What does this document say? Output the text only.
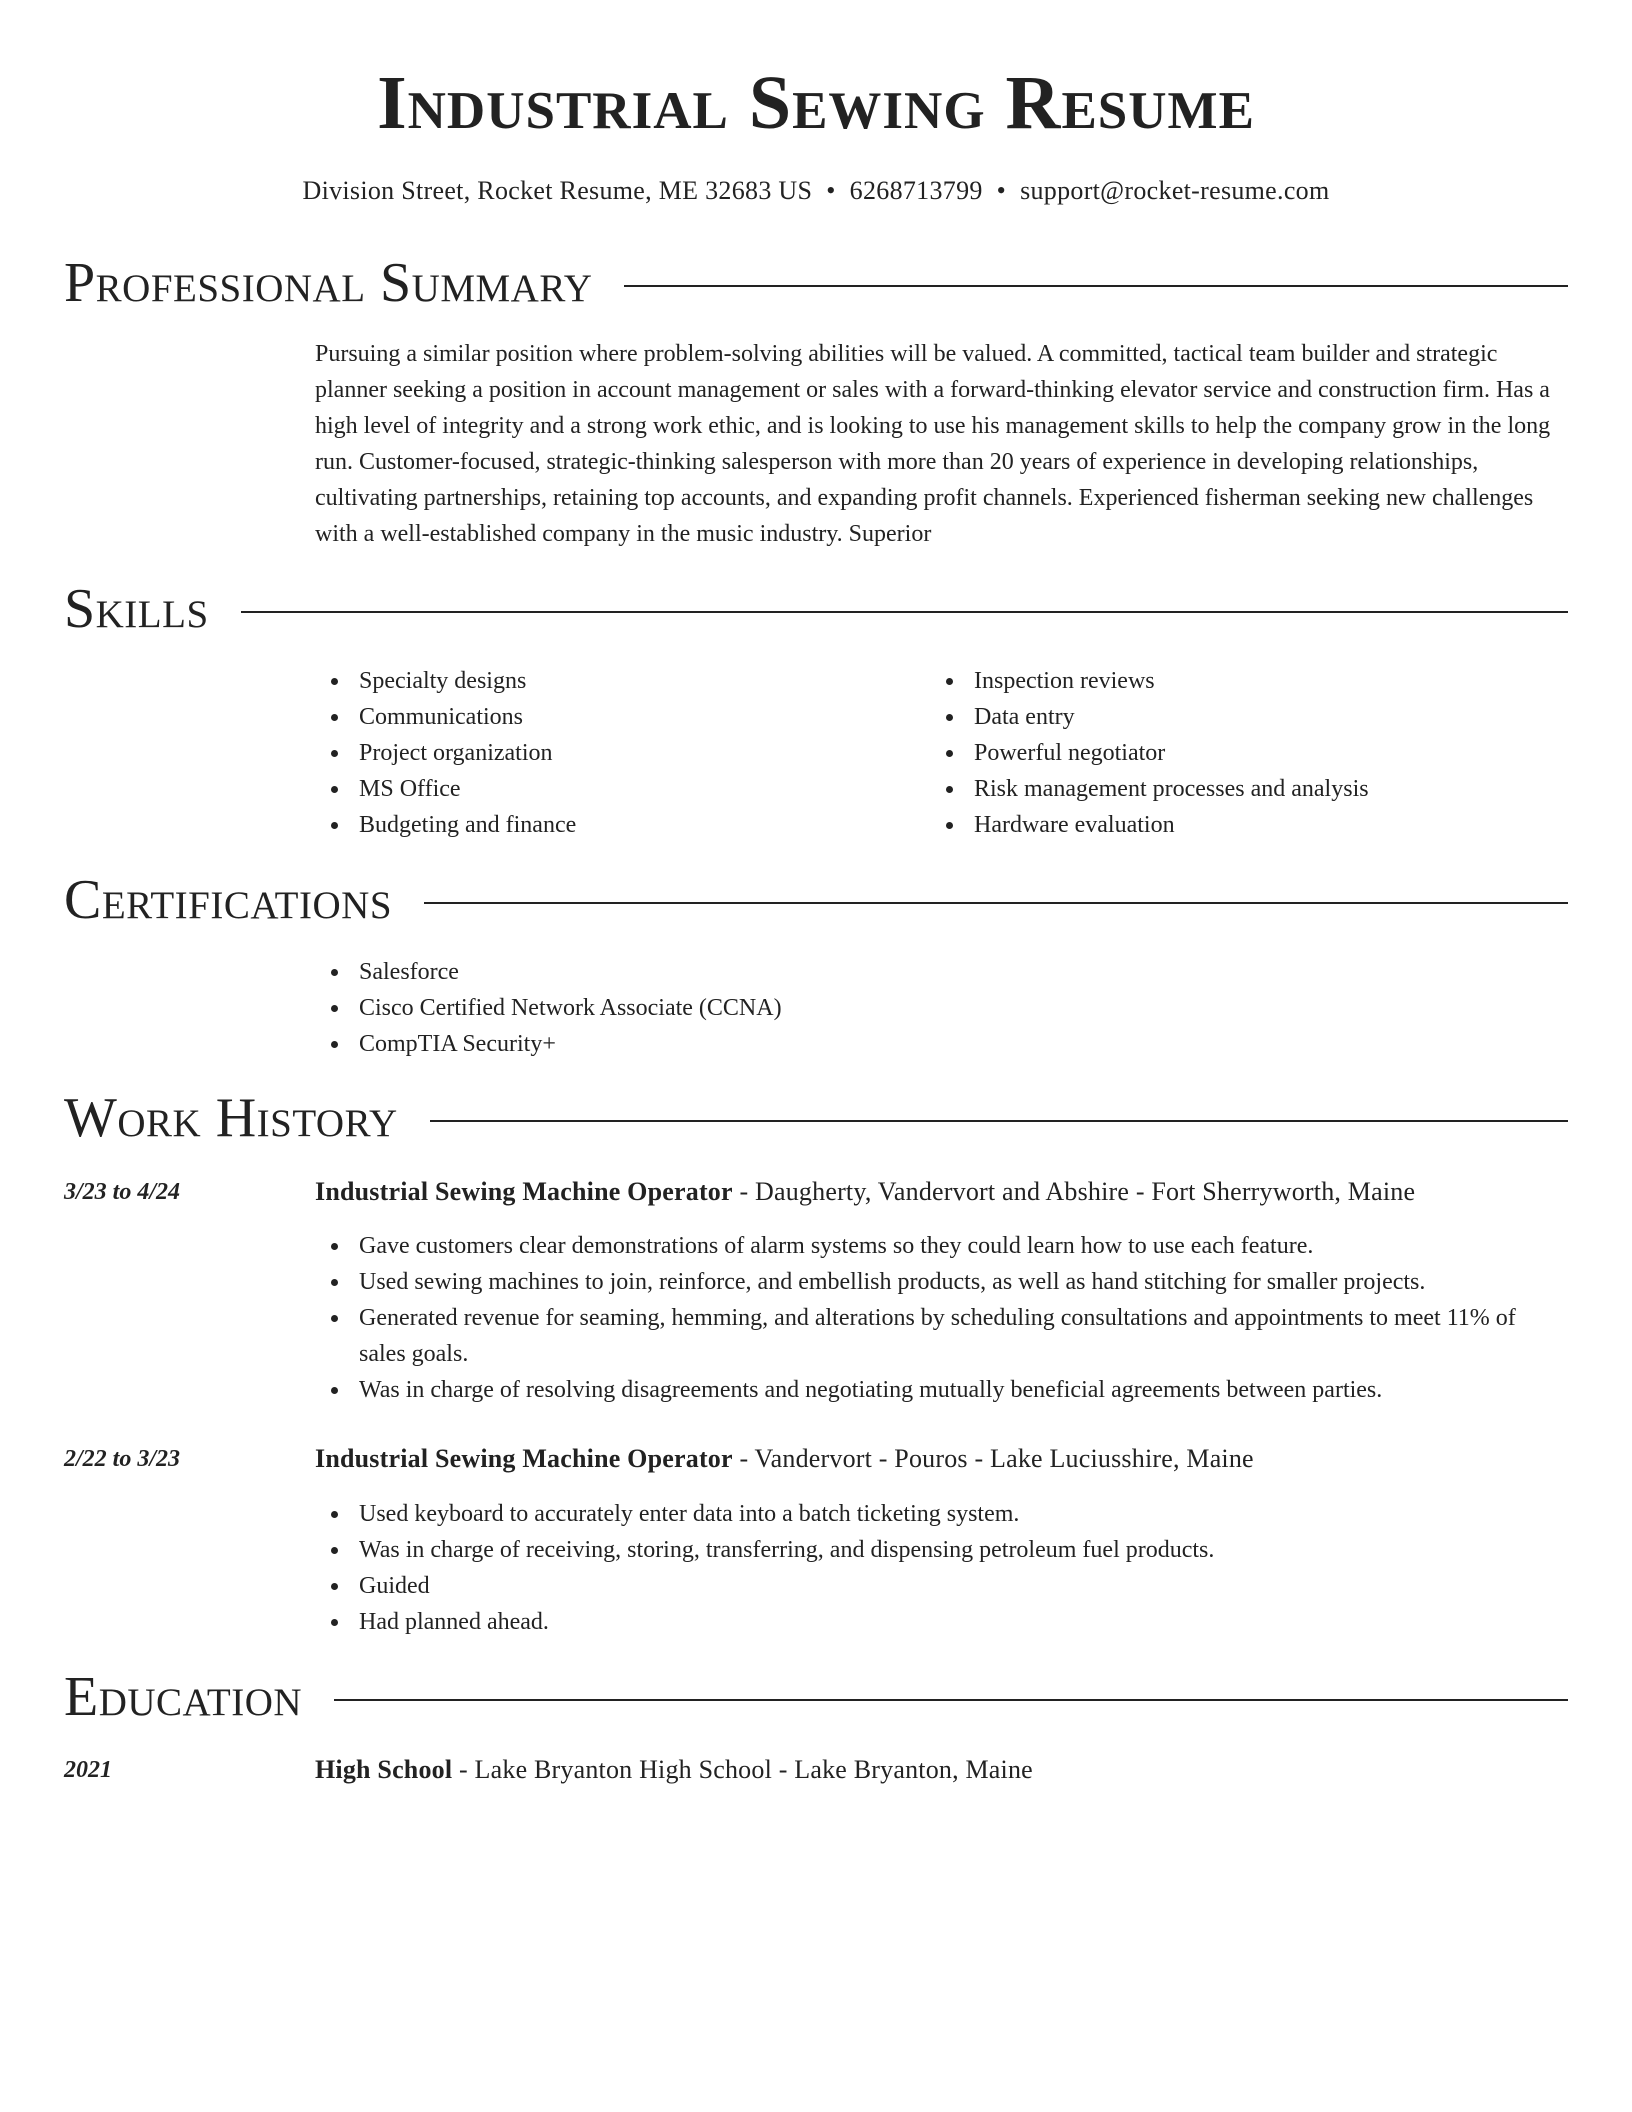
Industrial Sewing Resume
Division Street, Rocket Resume, ME 32683 US • 6268713799 • support@rocket-resume.com
Professional Summary

Pursuing a similar position where problem-solving abilities will be valued. A committed, tactical team builder and strategic planner seeking a position in account management or sales with a forward-thinking elevator service and construction firm. Has a high level of integrity and a strong work ethic, and is looking to use his management skills to help the company grow in the long run. Customer-focused, strategic-thinking salesperson with more than 20 years of experience in developing relationships, cultivating partnerships, retaining top accounts, and expanding profit channels. Experienced fisherman seeking new challenges with a well-established company in the music industry. Superior

Skills
Specialty designs
Communications
Project organization
MS Office
Budgeting and finance
Inspection reviews
Data entry
Powerful negotiator
Risk management processes and analysis
Hardware evaluation
Certifications
Salesforce
Cisco Certified Network Associate (CCNA)
CompTIA Security+
Work History
3/23 to 4/24	Industrial Sewing Machine Operator - Daugherty, Vandervort and Abshire - Fort Sherryworth, Maine
Gave customers clear demonstrations of alarm systems so they could learn how to use each feature.
Used sewing machines to join, reinforce, and embellish products, as well as hand stitching for smaller projects.
Generated revenue for seaming, hemming, and alterations by scheduling consultations and appointments to meet 11% of sales goals.
Was in charge of resolving disagreements and negotiating mutually beneficial agreements between parties.
2/22 to 3/23	Industrial Sewing Machine Operator - Vandervort - Pouros - Lake Luciusshire, Maine
Used keyboard to accurately enter data into a batch ticketing system.
Was in charge of receiving, storing, transferring, and dispensing petroleum fuel products.
Guided
Had planned ahead.
Education
2021	High School - Lake Bryanton High School - Lake Bryanton, Maine
